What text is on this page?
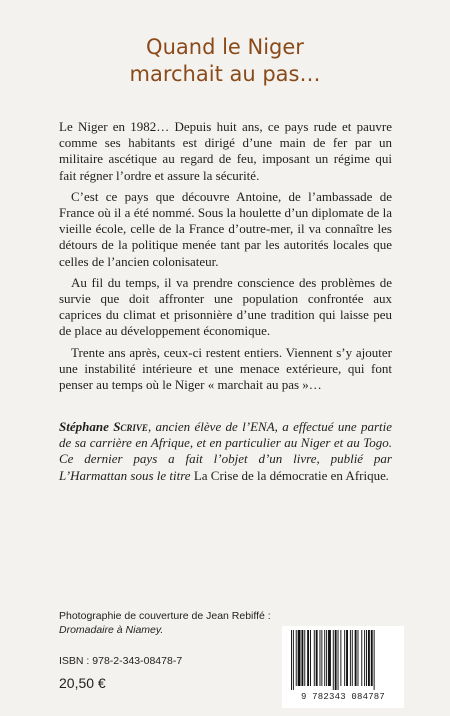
Quand le Niger
marchait au pas…

Le Niger en 1982… Depuis huit ans, ce pays rude et pauvre comme ses habitants est dirigé d’une main de fer par un militaire ascétique au regard de feu, imposant un régime qui fait régner l’ordre et assure la sécurité.

C’est ce pays que découvre Antoine, de l’ambassade de France où il a été nommé. Sous la houlette d’un diplomate de la vieille école, celle de la France d’outre-mer, il va connaître les détours de la politique menée tant par les autorités locales que celles de l’ancien colonisateur.

Au fil du temps, il va prendre conscience des problèmes de survie que doit affronter une population confrontée aux caprices du climat et prisonnière d’une tradition qui laisse peu de place au développement économique.

Trente ans après, ceux-ci restent entiers. Viennent s’y ajouter une instabilité intérieure et une menace extérieure, qui font penser au temps où le Niger « marchait au pas »…

Stéphane Scrive, ancien élève de l’ENA, a effectué une partie de sa carrière en Afrique, et en particulier au Niger et au Togo. Ce dernier pays a fait l’objet d’un livre, publié par L’Harmattan sous le titre La Crise de la démocratie en Afrique.
Photographie de couverture de Jean Rebiffé :
Dromadaire à Niamey.
ISBN : 978-2-343-08478-7
20,50 €
9 782343 084787
